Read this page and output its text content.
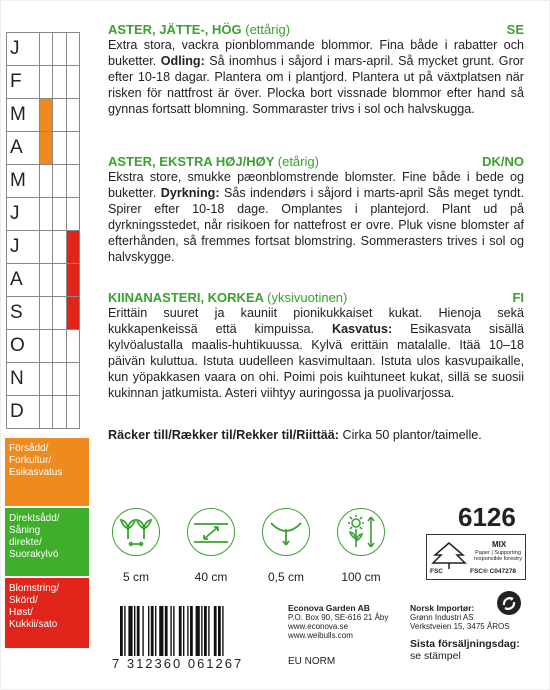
J
F
M
A
M
J
J
A
S
O
N
D
Försådd/
Forkultur/
Esikasvatus
Direktsådd/
Såning
direkte/
Suorakylvö
Blomstring/
Skörd/
Høst/
Kukkii/sato
ASTER, JÄTTE-, HÖG (ettårig)	SE
Extra stora, vackra pionblommande blommor. Fina både i rabatter och buketter. Odling: Så inomhus i såjord i mars-april. Så mycket grunt. Gror efter 10-18 dagar. Plantera om i plantjord. Plantera ut på växtplatsen när risken för nattfrost är över. Plocka bort vissnade blommor efter hand så gynnas fortsatt blomning. Sommaraster trivs i sol och halvskugga.
ASTER, EKSTRA HØJ/HØY (etårig)	DK/NO
Ekstra store, smukke pæonblomstrende blomster. Fine både i bede og buketter. Dyrkning: Sås indendørs i såjord i marts-april Sås meget tyndt. Spirer efter 10-18 dage. Omplantes i plantejord. Plant ud på dyrkningsstedet, når risikoen for nattefrost er ovre. Pluk visne blomster af efterhånden, så fremmes fortsat blomstring. Sommerasters trives i sol og halvskygge.
KIINANASTERI, KORKEA (yksivuotinen)	FI
Erittäin suuret ja kauniit pionikukkaiset kukat. Hienoja sekä kukkapenkeissä että kimpuissa. Kasvatus: Esikasvata sisällä kylvöalustalla maalis-huhtikuussa. Kylvä erittäin matalalle. Itää 10–18 päivän kuluttua. Istuta uudelleen kasvimultaan. Istuta ulos kasvupaikalle, kun yöpakkasen vaara on ohi. Poimi pois kuihtuneet kukat, sillä se suosii kukinnan jatkumista. Asteri viihtyy auringossa ja puolivarjossa.
Räcker till/Rækker til/Rekker til/Riittää: Cirka 50 plantor/taimelle.
5 cm	40 cm	0,5 cm	100 cm
6126
MIX
Paper | Supporting responsible forestry
FSC	FSC® C047278
7 312360 061267
Econova Garden AB
P.O. Box 90, SE-616 21 Åby
www.econova.se
www.weibulls.com
EU NORM
Norsk Importør:
Grønn Industri AS
Verkstveien 15, 3475 ÅROS
Sista försäljningsdag:
se stämpel
